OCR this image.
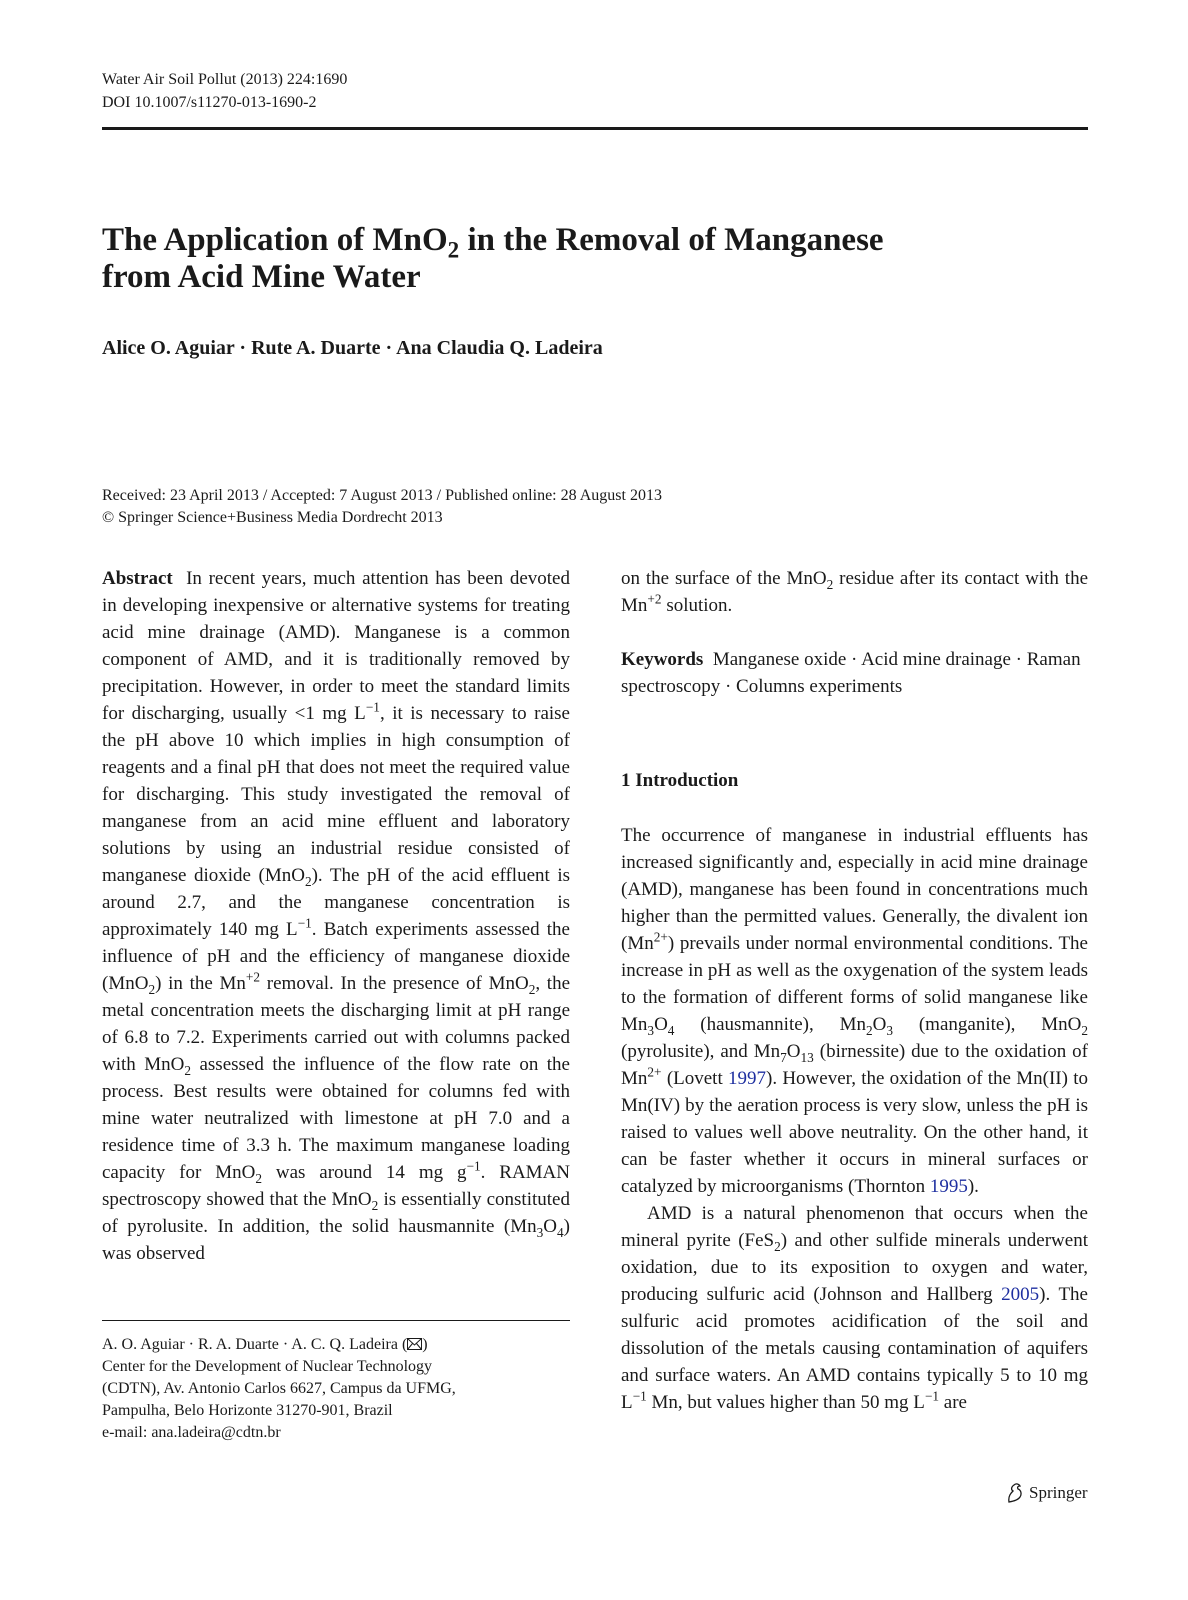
Water Air Soil Pollut (2013) 224:1690
DOI 10.1007/s11270-013-1690-2
The Application of MnO$_2$ in the Removal of Manganese
from Acid Mine Water
Alice O. Aguiar · Rute A. Duarte · Ana Claudia Q. Ladeira
Received: 23 April 2013 / Accepted: 7 August 2013 / Published online: 28 August 2013
© Springer Science+Business Media Dordrecht 2013

Abstract In recent years, much attention has been devoted in developing inexpensive or alternative systems for treating acid mine drainage (AMD). Manganese is a common component of AMD, and it is traditionally removed by precipitation. However, in order to meet the standard limits for discharging, usually <1 mg $L^{-1}$, it is necessary to raise the pH above 10 which implies in high consumption of reagents and a final pH that does not meet the required value for discharging. This study investigated the removal of manganese from an acid mine effluent and laboratory solutions by using an industrial residue consisted of manganese dioxide (MnO$_2$). The pH of the acid effluent is around 2.7, and the manganese concentration is approximately 140 mg $L^{-1}$. Batch experiments assessed the influence of pH and the efficiency of manganese dioxide (MnO$_2$) in the $Mn^{+2}$ removal. In the presence of MnO$_2$, the metal concentration meets the discharging limit at pH range of 6.8 to 7.2. Experiments carried out with columns packed with MnO$_2$ assessed the influence of the flow rate on the process. Best results were obtained for columns fed with mine water neutralized with limestone at pH 7.0 and a residence time of 3.3 h. The maximum manganese loading capacity for MnO$_2$ was around 14 mg $g^{-1}$. RAMAN spectroscopy showed that the MnO$_2$ is essentially constituted of pyrolusite. In addition, the solid hausmannite $(Mn_3O_4)$ was observed

on the surface of the MnO$_2$ residue after its contact with the $Mn^{+2}$ solution.

Keywords Manganese oxide · Acid mine drainage · Raman spectroscopy · Columns experiments
1 Introduction

The occurrence of manganese in industrial effluents has increased significantly and, especially in acid mine drainage (AMD), manganese has been found in concentrations much higher than the permitted values. Generally, the divalent ion $(Mn^{2+})$ prevails under normal environmental conditions. The increase in pH as well as the oxygenation of the system leads to the formation of different forms of solid manganese like $Mn_3O_4$ (hausmannite), $Mn_2O_3$ (manganite), MnO$_2$ (pyrolusite), and $Mn_7O_{13}$ (birnessite) due to the oxidation of $Mn^{2+}$ (Lovett 1997). However, the oxidation of the Mn(II) to Mn(IV) by the aeration process is very slow, unless the pH is raised to values well above neutrality. On the other hand, it can be faster whether it occurs in mineral surfaces or catalyzed by microorganisms (Thornton 1995).

AMD is a natural phenomenon that occurs when the mineral pyrite (FeS$_2$) and other sulfide minerals underwent oxidation, due to its exposition to oxygen and water, producing sulfuric acid (Johnson and Hallberg 2005). The sulfuric acid promotes acidification of the soil and dissolution of the metals causing contamination of aquifers and surface waters. An AMD contains typically 5 to 10 mg $L^{-1}$ Mn, but values higher than 50 mg $L^{-1}$ are

A. O. Aguiar · R. A. Duarte · A. C. Q. Ladeira ( )
Center for the Development of Nuclear Technology
(CDTN), Av. Antonio Carlos 6627, Campus da UFMG,
Pampulha, Belo Horizonte 31270-901, Brazil
e-mail: ana.ladeira@cdtn.br
Springer
